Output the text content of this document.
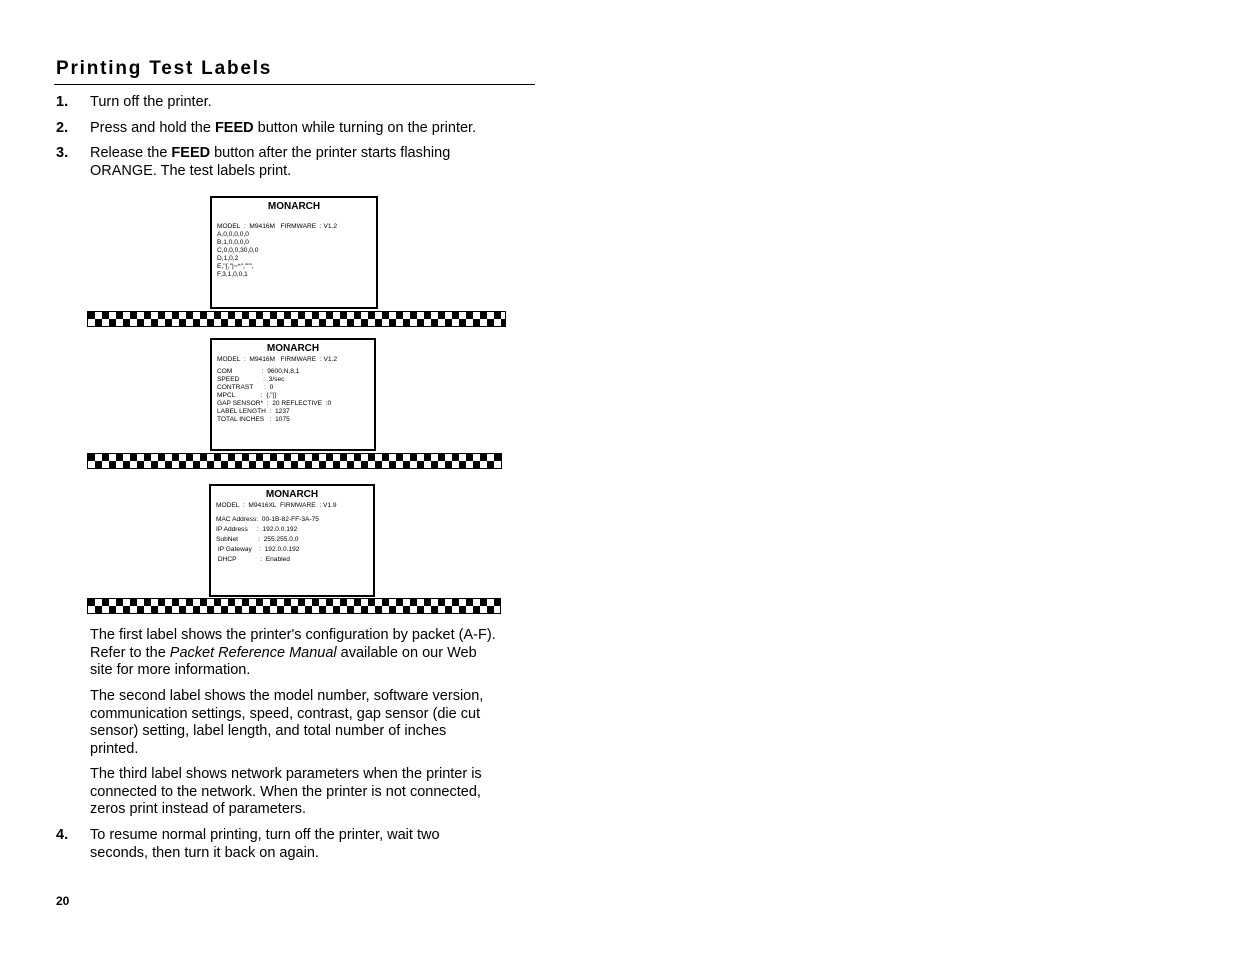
Printing Test Labels
1. Turn off the printer.
2. Press and hold the FEED button while turning on the printer.
3. Release the FEED button after the printer starts flashing ORANGE. The test labels print.
MONARCH
MODEL  :  M9416M   FIRMWARE  : V1.2
A,0,0,0,0,0
B,1,0,0,0,0
C,0,0,0,30,0,0
D,1,0,2
E,"{,"|~^",""",
F,3,1,0,0,1
MONARCH
MODEL  :  M9416M   FIRMWARE  : V1.2
COM                :  9600,N,8,1
SPEED             :  3/sec
CONTRAST      :  0
MPCL              :  {,"|}
GAP SENSOR*  :  20 REFLECTIVE  :0
LABEL LENGTH  :  1237
TOTAL INCHES   :  1075
MONARCH
MODEL  :  M9416XL  FIRMWARE  : V1.9
MAC Address:  00-1B-82-FF-3A-75
IP Address     :  192.0.0.192
SubNet           :  255.255.0.0
IP Gateway    :  192.0.0.192
DHCP             :  Enabled
The first label shows the printer's configuration by packet (A-F). Refer to the Packet Reference Manual available on our Web site for more information.
The second label shows the model number, software version, communication settings, speed, contrast, gap sensor (die cut sensor) setting, label length, and total number of inches printed.
The third label shows network parameters when the printer is connected to the network. When the printer is not connected, zeros print instead of parameters.
4. To resume normal printing, turn off the printer, wait two seconds, then turn it back on again.
20
